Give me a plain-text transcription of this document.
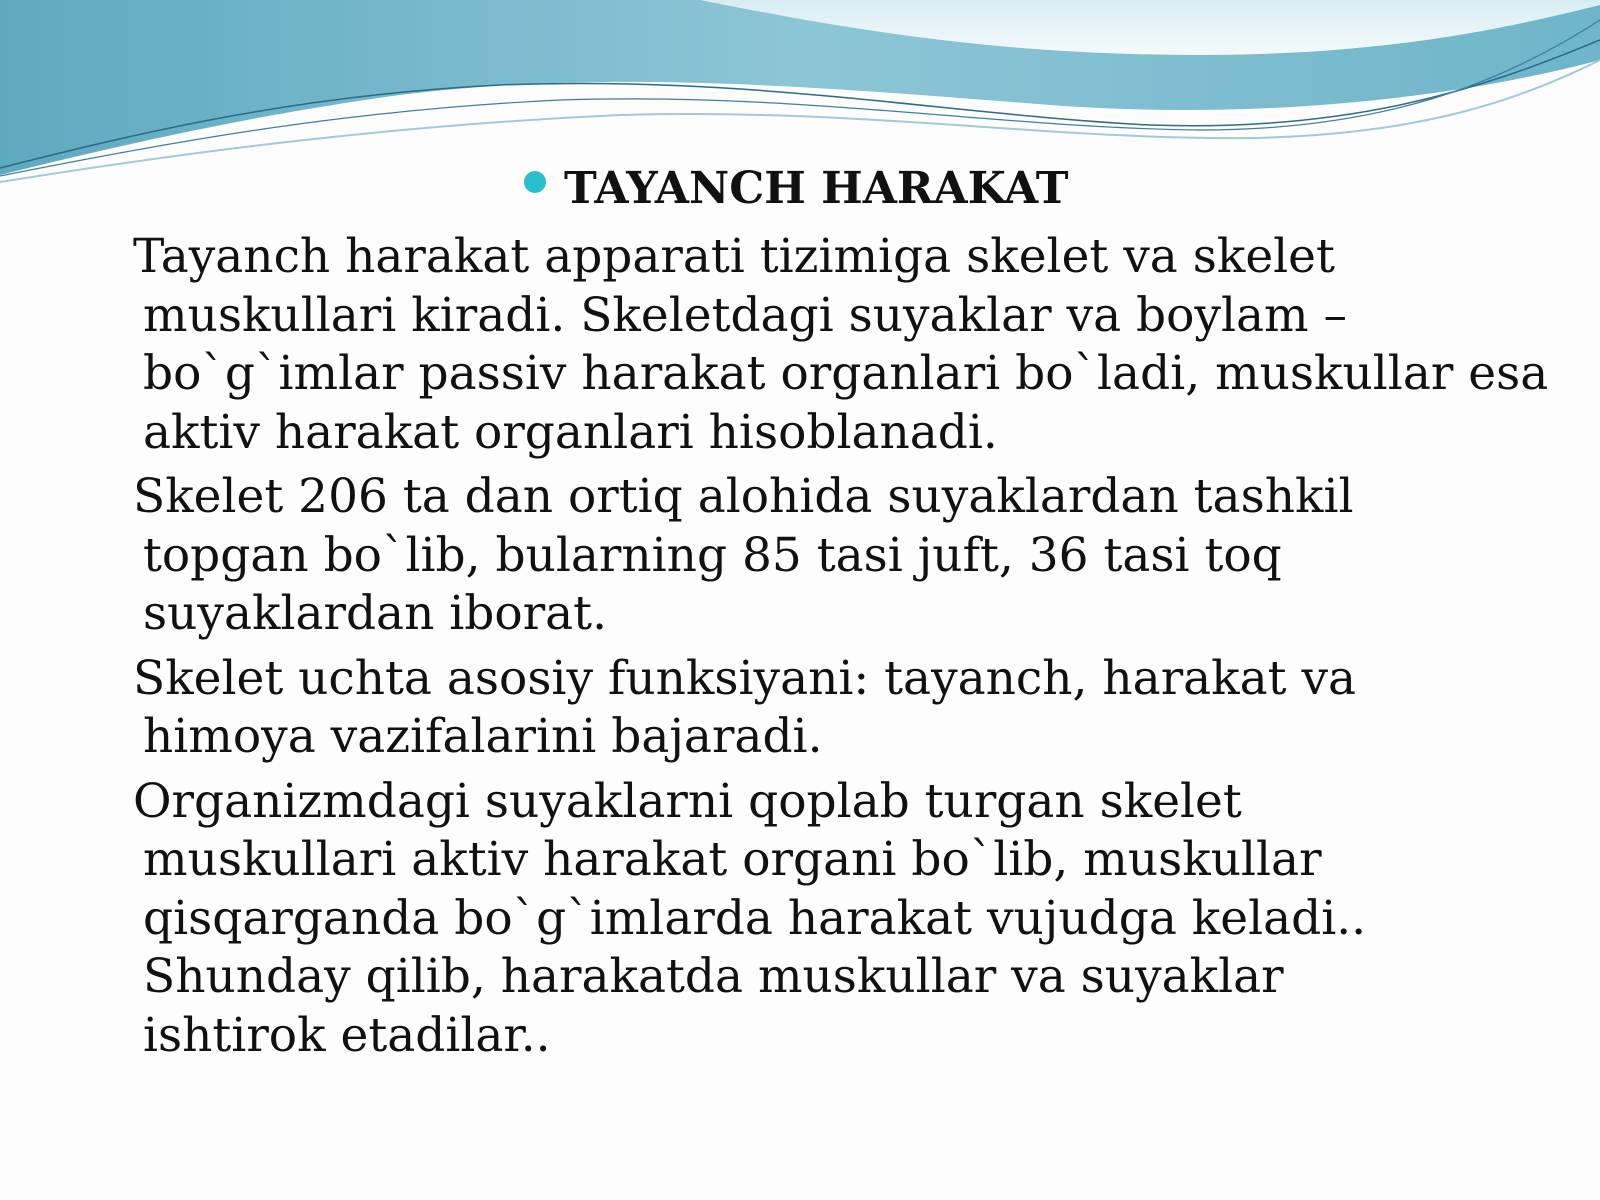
TAYANCH HARAKAT

Tayanch harakat apparati tizimiga skelet va skelet
muskullari kiradi. Skeletdagi suyaklar va boylam –
bo`g`imlar passiv harakat organlari bo`ladi, muskullar esa
aktiv harakat organlari hisoblanadi.

Skelet 206 ta dan ortiq alohida suyaklardan tashkil
topgan bo`lib, bularning 85 tasi juft, 36 tasi toq
suyaklardan iborat.

Skelet uchta asosiy funksiyani: tayanch, harakat va
himoya vazifalarini bajaradi.

Organizmdagi suyaklarni qoplab turgan skelet
muskullari aktiv harakat organi bo`lib, muskullar
qisqarganda bo`g`imlarda harakat vujudga keladi..
Shunday qilib, harakatda muskullar va suyaklar
ishtirok etadilar..
